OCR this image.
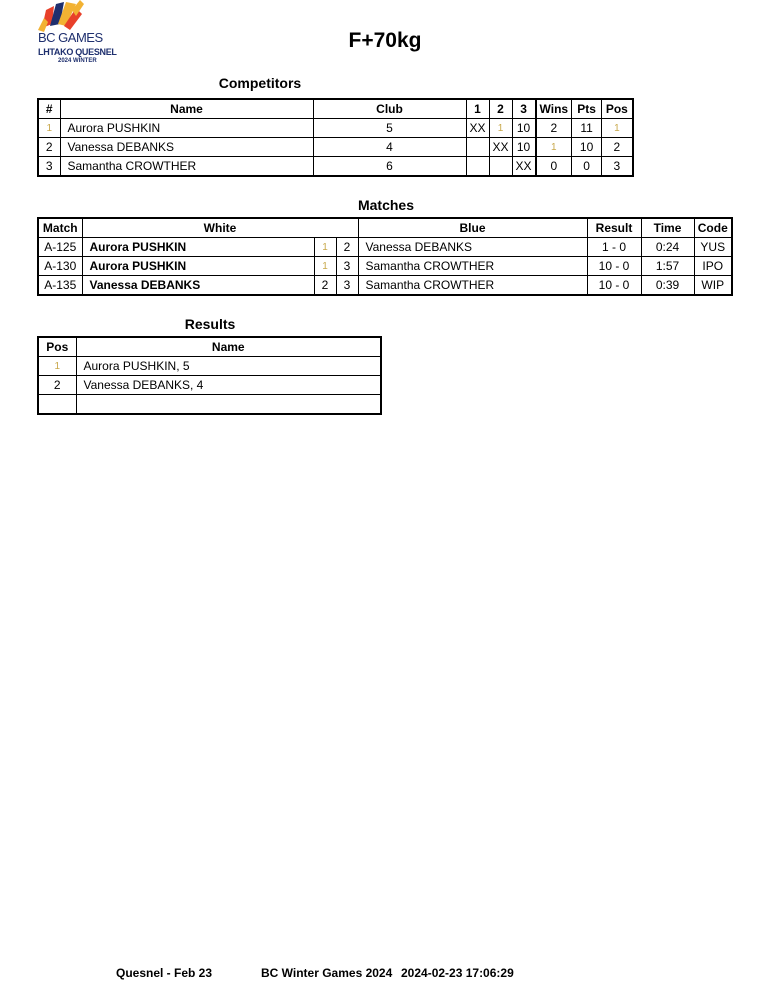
BC GAMES
LHTAKO QUESNEL
2024 WINTER
F+70kg
Competitors
#	Name	Club	1	2	3	Wins	Pts	Pos
1	Aurora PUSHKIN	5	XX	1	10	2	11	1
2	Vanessa DEBANKS	4		XX	10	1	10	2
3	Samantha CROWTHER	6			XX	0	0	3
Matches
Match	White			Blue	Result	Time	Code
A-125	Aurora PUSHKIN	1	2	Vanessa DEBANKS	1 - 0	0:24	YUS
A-130	Aurora PUSHKIN	1	3	Samantha CROWTHER	10 - 0	1:57	IPO
A-135	Vanessa DEBANKS	2	3	Samantha CROWTHER	10 - 0	0:39	WIP
Results
Pos	Name
1	Aurora PUSHKIN, 5
2	Vanessa DEBANKS, 4

Quesnel - Feb 23	BC Winter Games 2024 2024-02-23 17:06:29
